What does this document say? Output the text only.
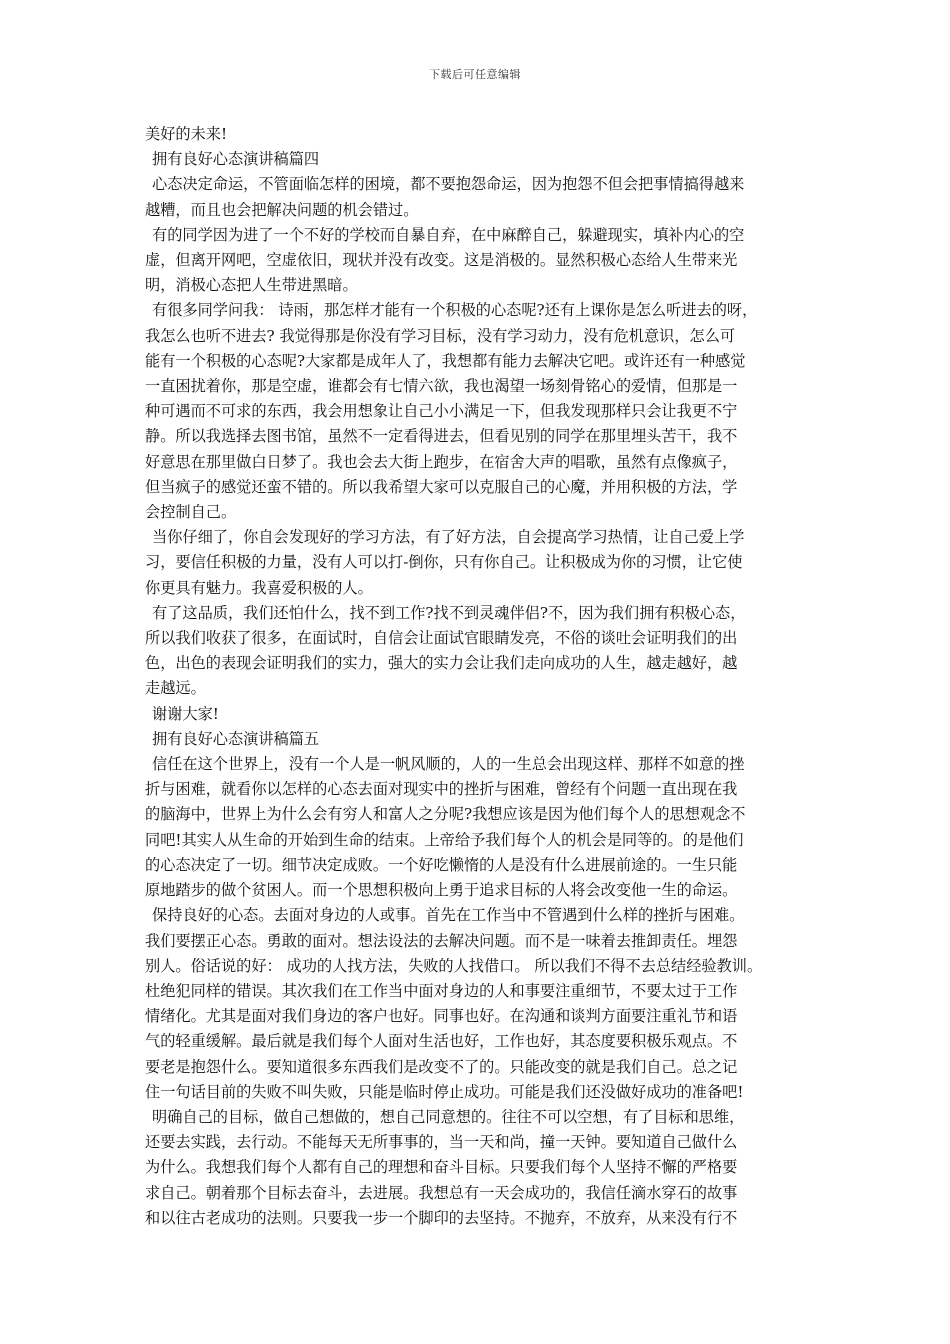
下载后可任意编辑
美好的未来!
拥有良好心态演讲稿篇四
心态决定命运，不管面临怎样的困境，都不要抱怨命运，因为抱怨不但会把事情搞得越来
越糟，而且也会把解决问题的机会错过。
有的同学因为进了一个不好的学校而自暴自弃，在中麻醉自己，躲避现实，填补内心的空
虚，但离开网吧，空虚依旧，现状并没有改变。这是消极的。显然积极心态给人生带来光
明，消极心态把人生带进黑暗。
有很多同学问我： 诗雨，那怎样才能有一个积极的心态呢?还有上课你是怎么听进去的呀，
我怎么也听不进去? 我觉得那是你没有学习目标，没有学习动力，没有危机意识，怎么可
能有一个积极的心态呢?大家都是成年人了，我想都有能力去解决它吧。或许还有一种感觉
一直困扰着你，那是空虚，谁都会有七情六欲，我也渴望一场刻骨铭心的爱情，但那是一
种可遇而不可求的东西，我会用想象让自己小小满足一下，但我发现那样只会让我更不宁
静。所以我选择去图书馆，虽然不一定看得进去，但看见别的同学在那里埋头苦干，我不
好意思在那里做白日梦了。我也会去大街上跑步，在宿舍大声的唱歌，虽然有点像疯子，
但当疯子的感觉还蛮不错的。所以我希望大家可以克服自己的心魔，并用积极的方法，学
会控制自己。
当你仔细了，你自会发现好的学习方法，有了好方法，自会提高学习热情，让自己爱上学
习，要信任积极的力量，没有人可以打-倒你，只有你自己。让积极成为你的习惯，让它使
你更具有魅力。我喜爱积极的人。
有了这品质，我们还怕什么，找不到工作?找不到灵魂伴侣?不，因为我们拥有积极心态，
所以我们收获了很多，在面试时，自信会让面试官眼睛发亮，不俗的谈吐会证明我们的出
色，出色的表现会证明我们的实力，强大的实力会让我们走向成功的人生，越走越好，越
走越远。
谢谢大家!
拥有良好心态演讲稿篇五
信任在这个世界上，没有一个人是一帆风顺的，人的一生总会出现这样、那样不如意的挫
折与困难，就看你以怎样的心态去面对现实中的挫折与困难，曾经有个问题一直出现在我
的脑海中，世界上为什么会有穷人和富人之分呢?我想应该是因为他们每个人的思想观念不
同吧!其实人从生命的开始到生命的结束。上帝给予我们每个人的机会是同等的。的是他们
的心态决定了一切。细节决定成败。一个好吃懒惰的人是没有什么进展前途的。一生只能
原地踏步的做个贫困人。而一个思想积极向上勇于追求目标的人将会改变他一生的命运。
保持良好的心态。去面对身边的人或事。首先在工作当中不管遇到什么样的挫折与困难。
我们要摆正心态。勇敢的面对。想法设法的去解决问题。而不是一味着去推卸责任。埋怨
别人。俗话说的好： 成功的人找方法，失败的人找借口。 所以我们不得不去总结经验教训。
杜绝犯同样的错误。其次我们在工作当中面对身边的人和事要注重细节，不要太过于工作
情绪化。尤其是面对我们身边的客户也好。同事也好。在沟通和谈判方面要注重礼节和语
气的轻重缓解。最后就是我们每个人面对生活也好，工作也好，其态度要积极乐观点。不
要老是抱怨什么。要知道很多东西我们是改变不了的。只能改变的就是我们自己。总之记
住一句话目前的失败不叫失败，只能是临时停止成功。可能是我们还没做好成功的准备吧!
明确自己的目标，做自己想做的，想自己同意想的。往往不可以空想，有了目标和思维，
还要去实践，去行动。不能每天无所事事的，当一天和尚，撞一天钟。要知道自己做什么
为什么。我想我们每个人都有自己的理想和奋斗目标。只要我们每个人坚持不懈的严格要
求自己。朝着那个目标去奋斗，去进展。我想总有一天会成功的，我信任滴水穿石的故事
和以往古老成功的法则。只要我一步一个脚印的去坚持。不抛弃，不放弃，从来没有行不
